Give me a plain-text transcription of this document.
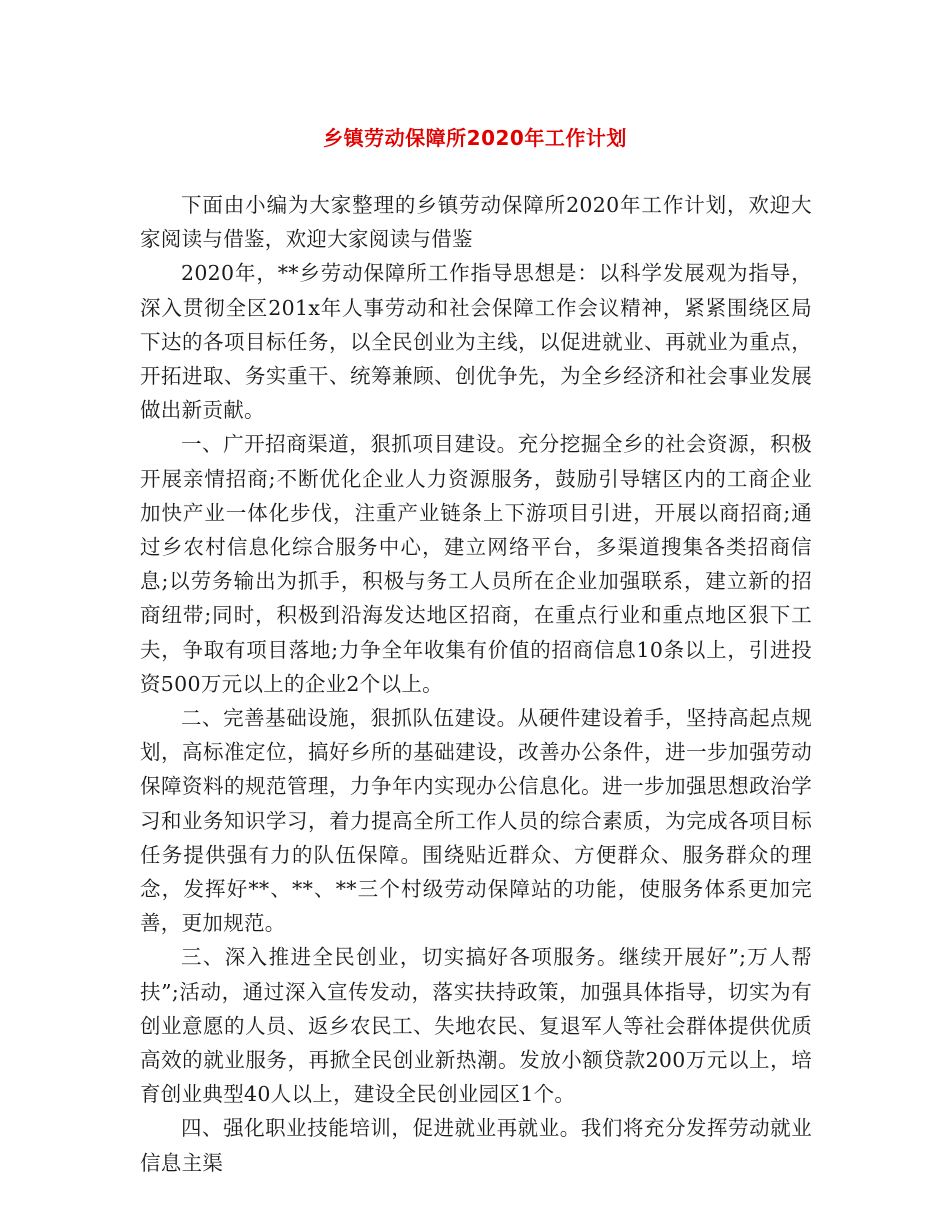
乡镇劳动保障所2020年工作计划

下面由小编为大家整理的乡镇劳动保障所2020年工作计划，欢迎大家阅读与借鉴，欢迎大家阅读与借鉴

2020年，**乡劳动保障所工作指导思想是：以科学发展观为指导，深入贯彻全区201x年人事劳动和社会保障工作会议精神，紧紧围绕区局下达的各项目标任务，以全民创业为主线，以促进就业、再就业为重点，开拓进取、务实重干、统筹兼顾、创优争先，为全乡经济和社会事业发展做出新贡献。

一、广开招商渠道，狠抓项目建设。充分挖掘全乡的社会资源，积极开展亲情招商;不断优化企业人力资源服务，鼓励引导辖区内的工商企业加快产业一体化步伐，注重产业链条上下游项目引进，开展以商招商;通过乡农村信息化综合服务中心，建立网络平台，多渠道搜集各类招商信息;以劳务输出为抓手，积极与务工人员所在企业加强联系，建立新的招商纽带;同时，积极到沿海发达地区招商，在重点行业和重点地区狠下工夫，争取有项目落地;力争全年收集有价值的招商信息10条以上，引进投资500万元以上的企业2个以上。

二、完善基础设施，狠抓队伍建设。从硬件建设着手，坚持高起点规划，高标准定位，搞好乡所的基础建设，改善办公条件，进一步加强劳动保障资料的规范管理，力争年内实现办公信息化。进一步加强思想政治学习和业务知识学习，着力提高全所工作人员的综合素质，为完成各项目标任务提供强有力的队伍保障。围绕贴近群众、方便群众、服务群众的理念，发挥好**、**、**三个村级劳动保障站的功能，使服务体系更加完善，更加规范。

三、深入推进全民创业，切实搞好各项服务。继续开展好”;万人帮扶”;活动，通过深入宣传发动，落实扶持政策，加强具体指导，切实为有创业意愿的人员、返乡农民工、失地农民、复退军人等社会群体提供优质高效的就业服务，再掀全民创业新热潮。发放小额贷款200万元以上，培育创业典型40人以上，建设全民创业园区1个。

四、强化职业技能培训，促进就业再就业。我们将充分发挥劳动就业信息主渠
